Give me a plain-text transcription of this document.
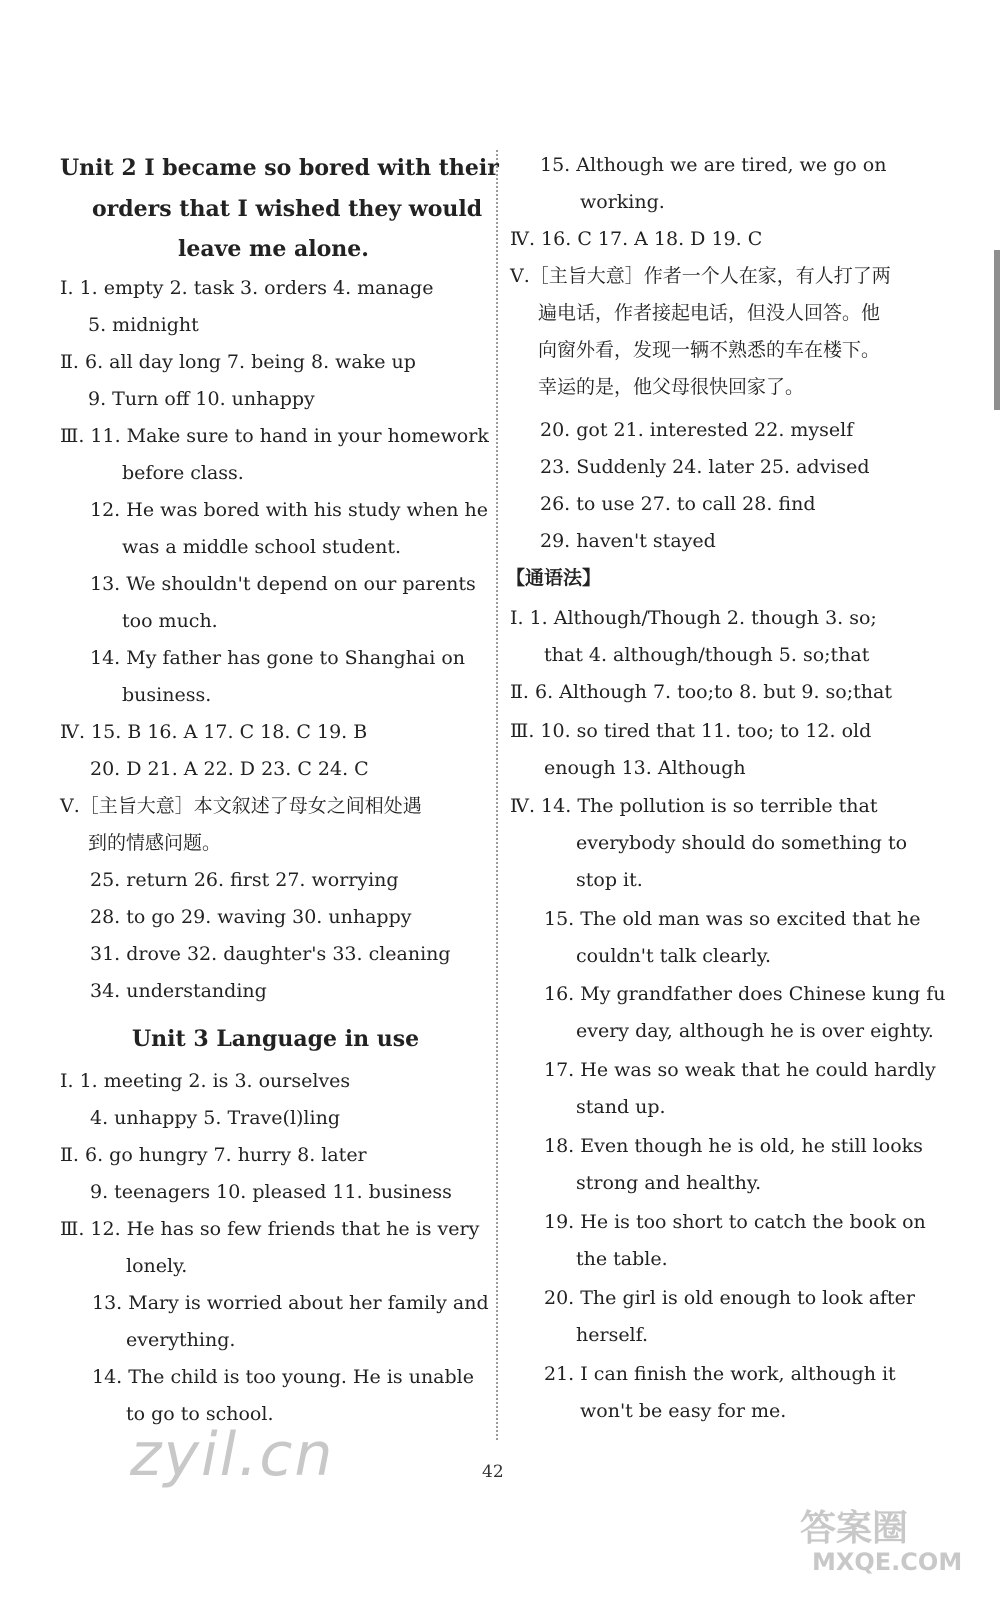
Unit 2 I became so bored with their
orders that I wished they would
leave me alone.
Ⅰ. 1. empty 2. task 3. orders 4. manage
5. midnight
Ⅱ. 6. all day long 7. being 8. wake up
9. Turn off 10. unhappy
Ⅲ. 11. Make sure to hand in your homework
before class.
12. He was bored with his study when he
was a middle school student.
13. We shouldn't depend on our parents
too much.
14. My father has gone to Shanghai on
business.
Ⅳ. 15. B 16. A 17. C 18. C 19. B
20. D 21. A 22. D 23. C 24. C
Ⅴ.［主旨大意］本文叙述了母女之间相处遇
到的情感问题。
25. return 26. first 27. worrying
28. to go 29. waving 30. unhappy
31. drove 32. daughter's 33. cleaning
34. understanding
Unit 3 Language in use
Ⅰ. 1. meeting 2. is 3. ourselves
4. unhappy 5. Trave(l)ling
Ⅱ. 6. go hungry 7. hurry 8. later
9. teenagers 10. pleased 11. business
Ⅲ. 12. He has so few friends that he is very
lonely.
13. Mary is worried about her family and
everything.
14. The child is too young. He is unable
to go to school.
15. Although we are tired, we go on
working.
Ⅳ. 16. C 17. A 18. D 19. C
Ⅴ.［主旨大意］作者一个人在家，有人打了两
遍电话，作者接起电话，但没人回答。他
向窗外看，发现一辆不熟悉的车在楼下。
幸运的是，他父母很快回家了。
20. got 21. interested 22. myself
23. Suddenly 24. later 25. advised
26. to use 27. to call 28. find
29. haven't stayed
【通语法】
Ⅰ. 1. Although/Though 2. though 3. so;
that 4. although/though 5. so;that
Ⅱ. 6. Although 7. too;to 8. but 9. so;that
Ⅲ. 10. so tired that 11. too; to 12. old
enough 13. Although
Ⅳ. 14. The pollution is so terrible that
everybody should do something to
stop it.
15. The old man was so excited that he
couldn't talk clearly.
16. My grandfather does Chinese kung fu
every day, although he is over eighty.
17. He was so weak that he could hardly
stand up.
18. Even though he is old, he still looks
strong and healthy.
19. He is too short to catch the book on
the table.
20. The girl is old enough to look after
herself.
21. I can finish the work, although it
won't be easy for me.
42
zyil.cn
答案圈
MXQE.COM
